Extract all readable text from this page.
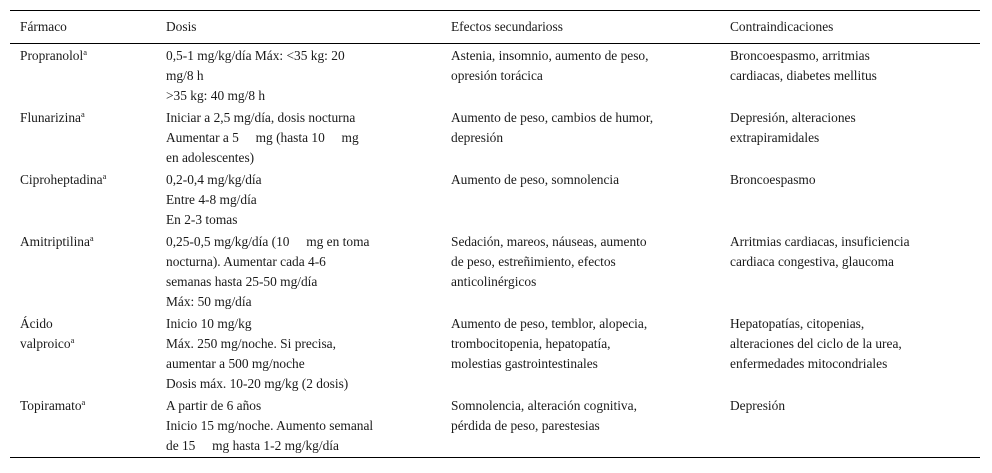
Fármaco	Dosis	Efectos secundarioss	Contraindicaciones

Propranolol$^a$	0,5-1 mg/kg/día Máx: <35 kg: 20
mg/8 h
>35 kg: 40 mg/8 h	Astenia, insomnio, aumento de peso,
opresión torácica	Broncoespasmo, arritmias
cardiacas, diabetes mellitus

Flunarizina$^a$	Iniciar a 2,5 mg/día, dosis nocturna
Aumentar a 5     mg (hasta 10     mg
en adolescentes)	Aumento de peso, cambios de humor,
depresión	Depresión, alteraciones
extrapiramidales

Ciproheptadina$^a$	0,2-0,4 mg/kg/día
Entre 4-8 mg/día
En 2-3 tomas	Aumento de peso, somnolencia	Broncoespasmo

Amitriptilina$^a$	0,25-0,5 mg/kg/día (10     mg en toma
nocturna). Aumentar cada 4-6
semanas hasta 25-50 mg/día
Máx: 50 mg/día	Sedación, mareos, náuseas, aumento
de peso, estreñimiento, efectos
anticolinérgicos	Arritmias cardiacas, insuficiencia
cardiaca congestiva, glaucoma

Ácido
valproico$^a$	Inicio 10 mg/kg
Máx. 250 mg/noche. Si precisa,
aumentar a 500 mg/noche
Dosis máx. 10-20 mg/kg (2 dosis)	Aumento de peso, temblor, alopecia,
trombocitopenia, hepatopatía,
molestias gastrointestinales	Hepatopatías, citopenias,
alteraciones del ciclo de la urea,
enfermedades mitocondriales

Topiramato$^a$	A partir de 6 años
Inicio 15 mg/noche. Aumento semanal
de 15     mg hasta 1-2 mg/kg/día	Somnolencia, alteración cognitiva,
pérdida de peso, parestesias	Depresión
